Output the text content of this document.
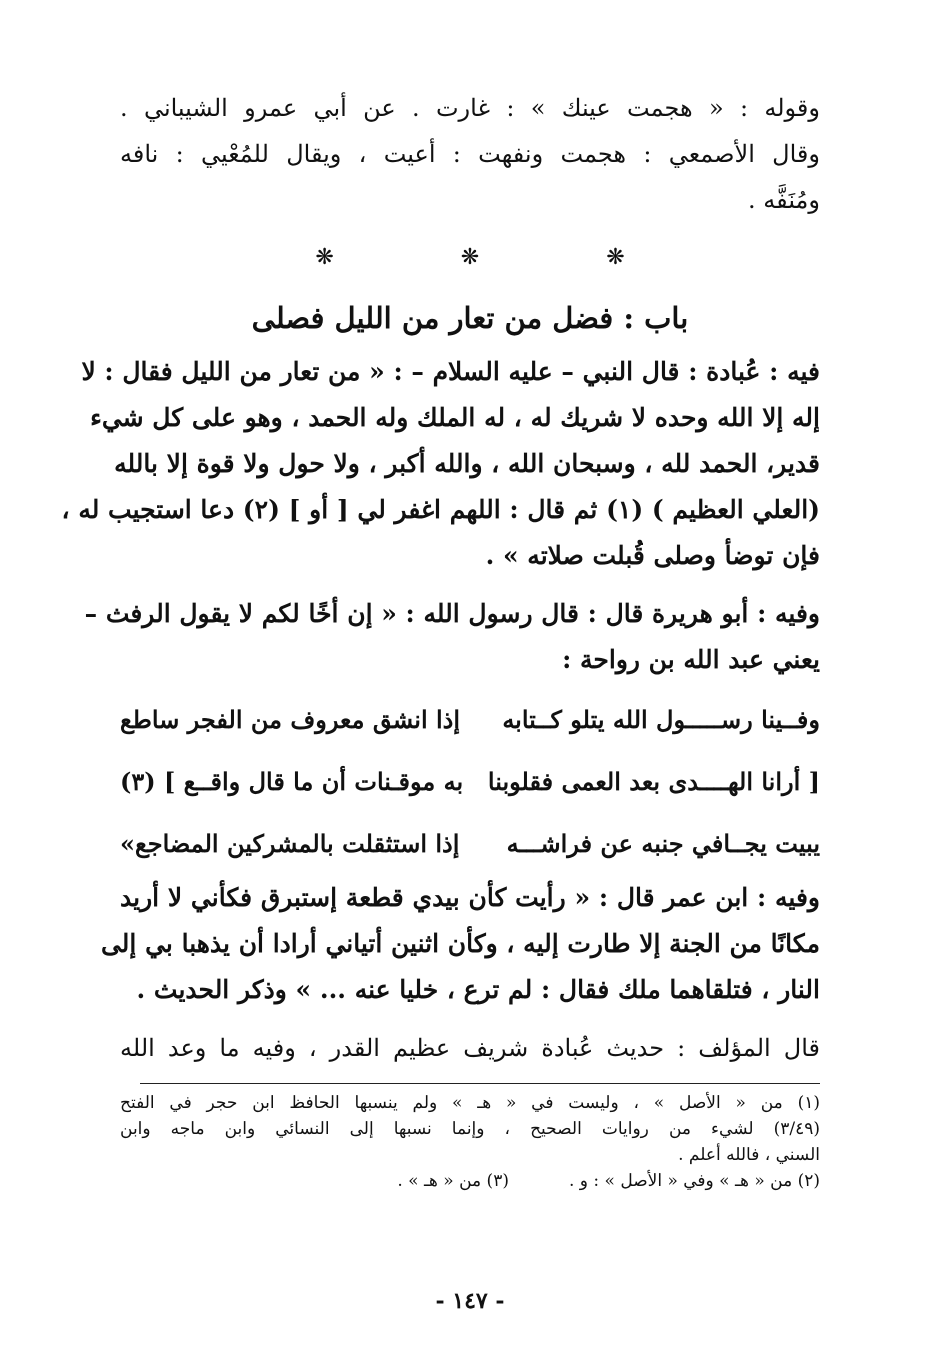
وقوله : « هجمت عينك » : غارت . عن أبي عمرو الشيباني .
وقال الأصمعي : هجمت ونفهت : أعيت ، ويقال للمُعْيي : نافه
ومُنَفَّه .
❋ ❋ ❋
باب : فضل من تعار من الليل فصلى
فيه : عُبادة : قال النبي – عليه السلام – : « من تعار من الليل فقال : لا
إله إلا الله وحده لا شريك له ، له الملك وله الحمد ، وهو على كل شيء
قدير، الحمد لله ، وسبحان الله ، والله أكبر ، ولا حول ولا قوة إلا بالله
(العلي العظيم ) (١) ثم قال : اللهم اغفر لي [ أو ] (٢) دعا استجيب له ،
فإن توضأ وصلى قُبلت صلاته » .
وفيه : أبو هريرة قال : قال رسول الله : « إن أخًا لكم لا يقول الرفث –
يعني عبد الله بن رواحة :
وفــينا رســـــول الله يتلو كــتابه
إذا انشق معروف من الفجر ساطع
[ أرانا الهــــدى بعد العمى فقلوبنا
به موقـنات أن ما قال واقــع ] (٣)
يبيت يجــافي جنبه عن فراشـــه
إذا استثقلت بالمشركين المضاجع»
وفيه : ابن عمر قال : « رأيت كأن بيدي قطعة إستبرق فكأني لا أريد
مكانًا من الجنة إلا طارت إليه ، وكأن اثنين أتياني أرادا أن يذهبا بي إلى
النار ، فتلقاهما ملك فقال : لم ترع ، خليا عنه ... » وذكر الحديث .
قال المؤلف : حديث عُبادة شريف عظيم القدر ، وفيه ما وعد الله
(١) من « الأصل » ، وليست في « هـ » ولم ينسبها الحافظ ابن حجر في الفتح
(٣/٤٩) لشيء من روايات الصحيح ، وإنما نسبها إلى النسائي وابن ماجه وابن
السني ، فالله أعلم .
(٢) من « هـ » وفي « الأصل » : و .
(٣) من « هـ » .
- ١٤٧ -
